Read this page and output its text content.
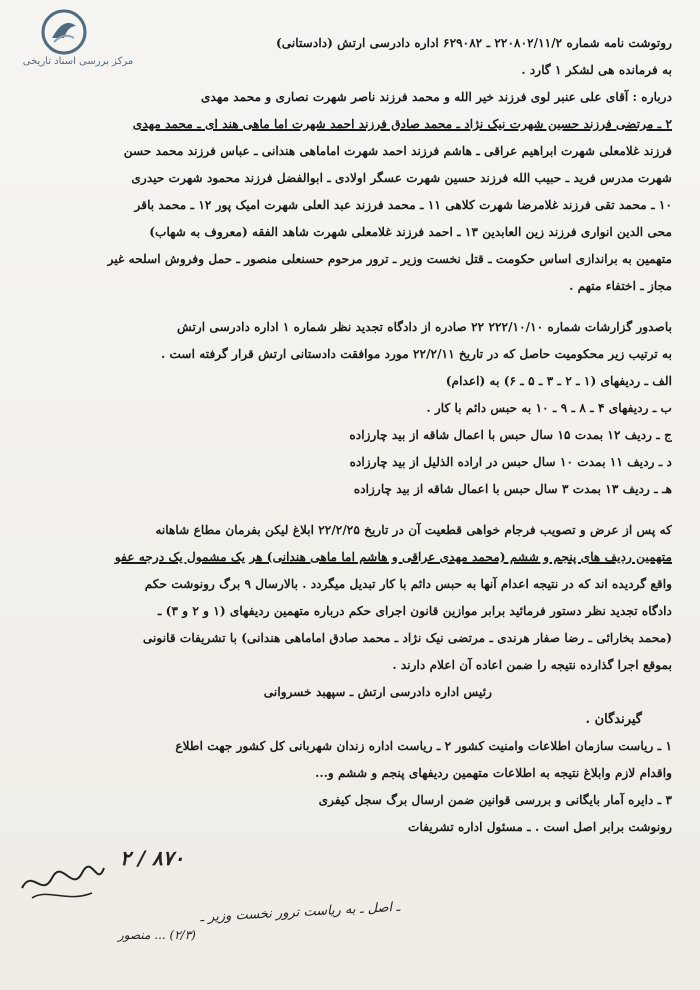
مرکز بررسی اسناد تاریخی
روتوشت نامه شماره ۲۲۰۸۰۲/۱۱/۲ ـ ۶۲۹۰۸۲ اداره دادرسی ارتش (دادستانی)
به فرمانده هی لشکر ۱ گارد .
درباره : آقای علی عنبر لوی فرزند خیر الله و محمد فرزند ناصر شهرت نصاری و محمد مهدی
۲ ـ مرتضی فرزند حسین شهرت نیک نژاد ـ محمد صادق فرزند احمد شهرت اما ماهی هند ای ـ محمد مهدی
فرزند غلامعلی شهرت ابراهیم عراقی ـ هاشم فرزند احمد شهرت اماماهی هندانی ـ عباس فرزند محمد حسن
شهرت مدرس فرید ـ حبیب الله فرزند حسین شهرت عسگر اولادی ـ ابوالفضل فرزند محمود شهرت حیدری
۱۰ ـ محمد تقی فرزند غلامرضا شهرت کلاهی ۱۱ ـ محمد فرزند عبد العلی شهرت امیک پور ۱۲ ـ محمد باقر
محی الدین انواری فرزند زین العابدین ۱۳ ـ احمد فرزند غلامعلی شهرت شاهد الفقه (معروف به شهاب)
متهمین به براندازی اساس حکومت ـ قتل نخست وزیر ـ ترور مرحوم حسنعلی منصور ـ حمل وفروش اسلحه غیر
مجاز ـ اختفاء متهم .
باصدور گزارشات شماره ۲۲۲/۱۰/۱۰ ۲۲ صادره از دادگاه تجدید نظر شماره ۱ اداره دادرسی ارتش
به ترتیب زیر محکومیت حاصل که در تاریخ ۲۲/۲/۱۱ مورد موافقت دادستانی ارتش قرار گرفته است .
الف ـ ردیفهای (۱ ـ ۲ ـ ۳ ـ ۵ ـ ۶) به (اعدام)
ب ـ ردیفهای ۴ ـ ۸ ـ ۹ ـ ۱۰ به حبس دائم با کار .
ج ـ ردیف ۱۲ بمدت ۱۵ سال حبس با اعمال شاقه از بید چارزاده
د ـ ردیف ۱۱ بمدت ۱۰ سال حبس در اراده الذلیل از بید چارزاده
هـ ـ ردیف ۱۳ بمدت ۳ سال حبس با اعمال شاقه از بید چارزاده
که پس از عرض و تصویب فرجام خواهی قطعیت آن در تاریخ ۲۲/۲/۲۵ ابلاغ لیکن بفرمان مطاع شاهانه
متهمین ردیف های پنجم و ششم (محمد مهدی عراقی و هاشم اما ماهی هندانی) هر یک مشمول یک درجه عفو
واقع گردیده اند که در نتیجه اعدام آنها به حبس دائم با کار تبدیل میگردد . بالارسال ۹ برگ رونوشت حکم
دادگاه تجدید نظر دستور فرمائید برابر موازین قانون اجرای حکم درباره متهمین ردیفهای (۱ و ۲ و ۳) ـ
(محمد بخارائی ـ رضا صفار هرندی ـ مرتضی نیک نژاد ـ محمد صادق اماماهی هندانی) با تشریفات قانونی
بموقع اجرا گذارده نتیجه را ضمن اعاده آن اعلام دارند .
رئیس اداره دادرسی ارتش ـ سپهبد خسروانی
گیرندگان .
۱ ـ ریاست سازمان اطلاعات وامنیت کشور ۲ ـ ریاست اداره زندان شهربانی کل کشور جهت اطلاع
واقدام لازم وابلاغ نتیجه به اطلاعات متهمین ردیفهای پنجم و ششم و...
۳ ـ دایره آمار بایگانی و بررسی قوانین ضمن ارسال برگ سجل کیفری
رونوشت برابر اصل است . ـ مسئول اداره تشریفات
۸۷۰ / ۲
ـ اصل ـ به ریاست ترور نخست وزیر ـ
(۲/۳) ... منصور
